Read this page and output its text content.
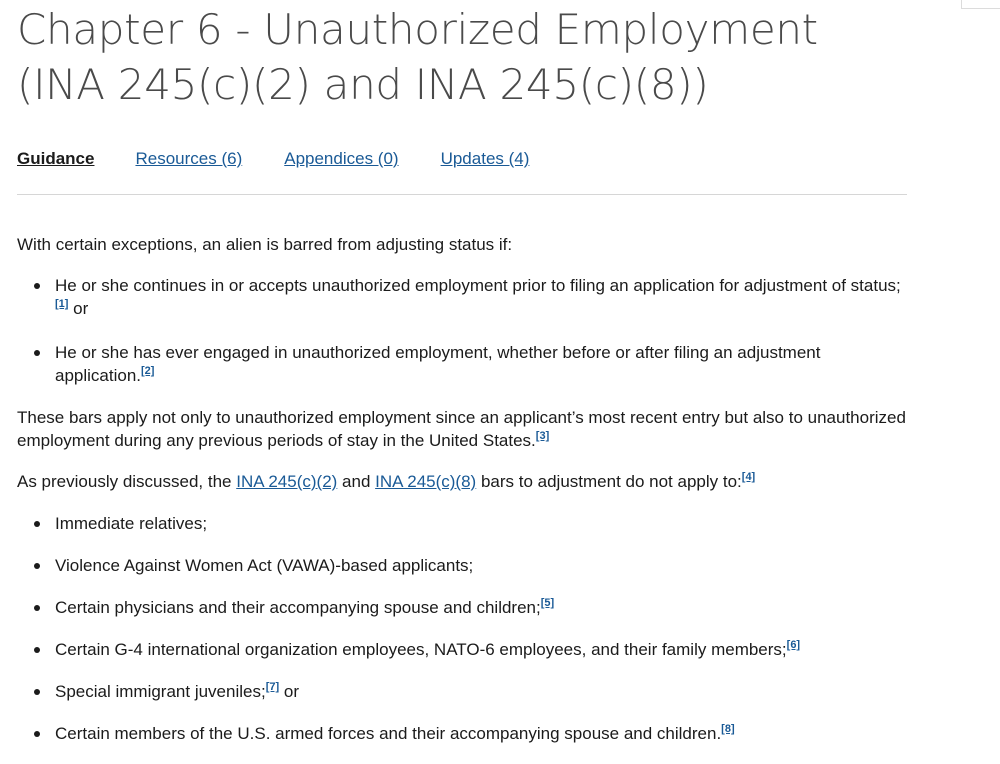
Chapter 6 - Unauthorized Employment (INA 245(c)(2) and INA 245(c)(8))
Guidance Resources (6) Appendices (0) Updates (4)

With certain exceptions, an alien is barred from adjusting status if:

He or she continues in or accepts unauthorized employment prior to filing an application for adjustment of status;[1] or
He or she has ever engaged in unauthorized employment, whether before or after filing an adjustment application.[2]

These bars apply not only to unauthorized employment since an applicant’s most recent entry but also to unauthorized employment during any previous periods of stay in the United States.[3]

As previously discussed, the INA 245(c)(2) and INA 245(c)(8) bars to adjustment do not apply to:[4]

Immediate relatives;
Violence Against Women Act (VAWA)-based applicants;
Certain physicians and their accompanying spouse and children;[5]
Certain G-4 international organization employees, NATO-6 employees, and their family members;[6]
Special immigrant juveniles;[7] or
Certain members of the U.S. armed forces and their accompanying spouse and children.[8]
